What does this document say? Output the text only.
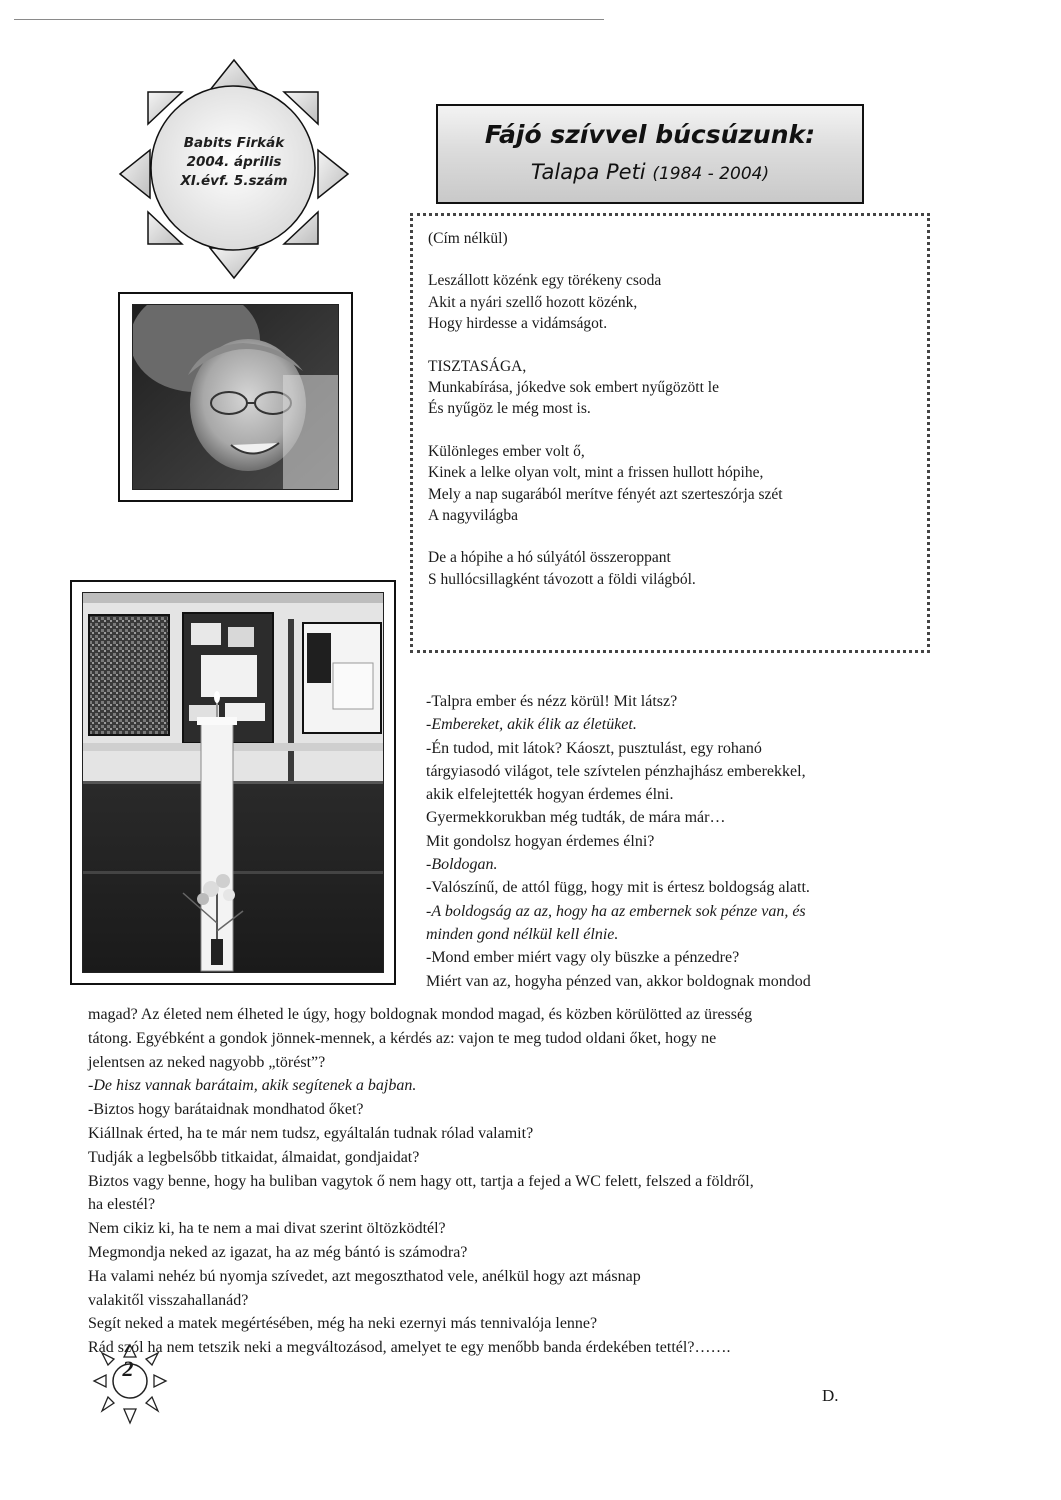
Babits Firkák
2004. április
XI.évf. 5.szám
Fájó szívvel búcsúzunk:
Talapa Peti (1984 - 2004)
(Cím nélkül)
Leszállott közénk egy törékeny csoda
Akit a nyári szellő hozott közénk,
Hogy hirdesse a vidámságot.
TISZTASÁGA,
Munkabírása, jókedve sok embert nyűgözött le
És nyűgöz le még most is.
Különleges ember volt ő,
Kinek a lelke olyan volt, mint a frissen hullott hópihe,
Mely a nap sugarából merítve fényét azt szerteszórja szét
A nagyvilágba
De a hópihe a hó súlyától összeroppant
S hullócsillagként távozott a földi világból.
-Talpra ember és nézz körül! Mit látsz?
-Embereket, akik élik az életüket.
-Én tudod, mit látok? Káoszt, pusztulást, egy rohanó
tárgyiasodó világot, tele szívtelen pénzhajhász emberekkel,
akik elfelejtették hogyan érdemes élni.
Gyermekkorukban még tudták, de mára már…
Mit gondolsz hogyan érdemes élni?
-Boldogan.
-Valószínű, de attól függ, hogy mit is értesz boldogság alatt.
-A boldogság az az, hogy ha az embernek sok pénze van, és
minden gond nélkül kell élnie.
-Mond ember miért vagy oly büszke a pénzedre?
Miért van az, hogyha pénzed van, akkor boldognak mondod
magad? Az életed nem élheted le úgy, hogy boldognak mondod magad, és közben körülötted az üresség
tátong. Egyébként a gondok jönnek-mennek, a kérdés az: vajon te meg tudod oldani őket, hogy ne
jelentsen az neked nagyobb „törést”?
-De hisz vannak barátaim, akik segítenek a bajban.
-Biztos hogy barátaidnak mondhatod őket?
Kiállnak érted, ha te már nem tudsz, egyáltalán tudnak rólad valamit?
Tudják a legbelsőbb titkaidat, álmaidat, gondjaidat?
Biztos vagy benne, hogy ha buliban vagytok ő nem hagy ott, tartja a fejed a WC felett, felszed a földről,
ha elestél?
Nem cikiz ki, ha te nem a mai divat szerint öltözködtél?
Megmondja neked az igazat, ha az még bántó is számodra?
Ha valami nehéz bú nyomja szívedet, azt megoszthatod vele, anélkül hogy azt másnap
valakitől visszahallanád?
Segít neked a matek megértésében, még ha neki ezernyi más tennivalója lenne?
Rád szól ha nem tetszik neki a megváltozásod, amelyet te egy menőbb banda érdekében tettél?…….
2
D.
